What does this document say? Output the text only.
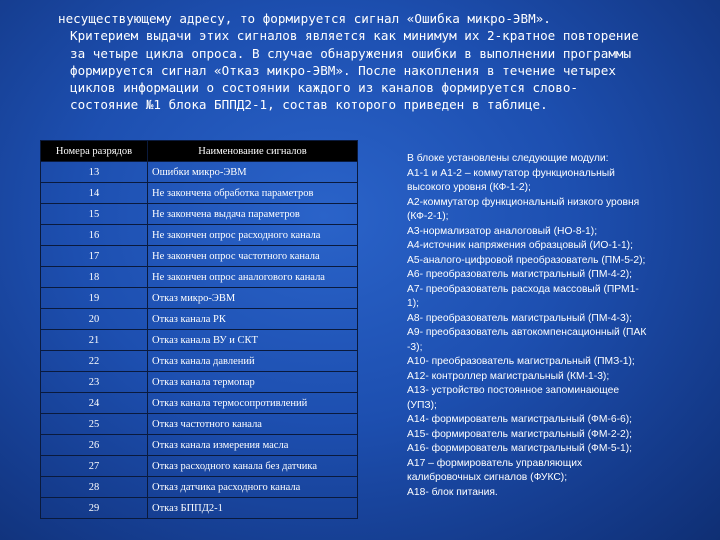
несуществующему адресу, то формируется сигнал «Ошибка микро-ЭВМ».
Критерием выдачи этих сигналов является как минимум их 2-кратное повторение
за четыре цикла опроса. В случае обнаружения ошибки в выполнении программы
формируется сигнал «Отказ микро-ЭВМ». После накопления в течение четырех
циклов информации о состоянии каждого из каналов формируется слово-
состояние №1 блока БППД2-1, состав которого приведен в таблице.
Номера разрядов	Наименование сигналов
13	Ошибки микро-ЭВМ
14	Не закончена обработка параметров
15	Не закончена выдача параметров
16	Не закончен опрос расходного канала
17	Не закончен опрос частотного канала
18	Не закончен опрос аналогового канала
19	Отказ микро-ЭВМ
20	Отказ канала РК
21	Отказ канала ВУ и СКТ
22	Отказ канала давлений
23	Отказ канала термопар
24	Отказ канала термосопротивлений
25	Отказ частотного канала
26	Отказ канала измерения масла
27	Отказ расходного канала без датчика
28	Отказ датчика расходного канала
29	Отказ БППД2-1
В блоке установлены следующие модули:
А1-1 и А1-2 – коммутатор функциональный
высокого уровня (КФ-1-2);
А2-коммутатор функциональный низкого уровня
(КФ-2-1);
А3-нормализатор аналоговый (НО-8-1);
А4-источник напряжения образцовый (ИО-1-1);
А5-аналого-цифровой преобразователь (ПМ-5-2);
А6- преобразователь магистральный (ПМ-4-2);
А7- преобразователь расхода массовый (ПРМ1-
1);
А8- преобразователь магистральный (ПМ-4-3);
А9- преобразователь автокомпенсационный (ПАК
-3);
А10- преобразователь магистральный (ПМЗ-1);
А12- контроллер магистральный (КМ-1-3);
А13- устройство постоянное запоминающее
(УПЗ);
А14- формирователь магистральный (ФМ-6-6);
А15- формирователь магистральный (ФМ-2-2);
А16- формирователь магистральный (ФМ-5-1);
А17 – формирователь управляющих
калибровочных сигналов (ФУКС);
А18- блок питания.
